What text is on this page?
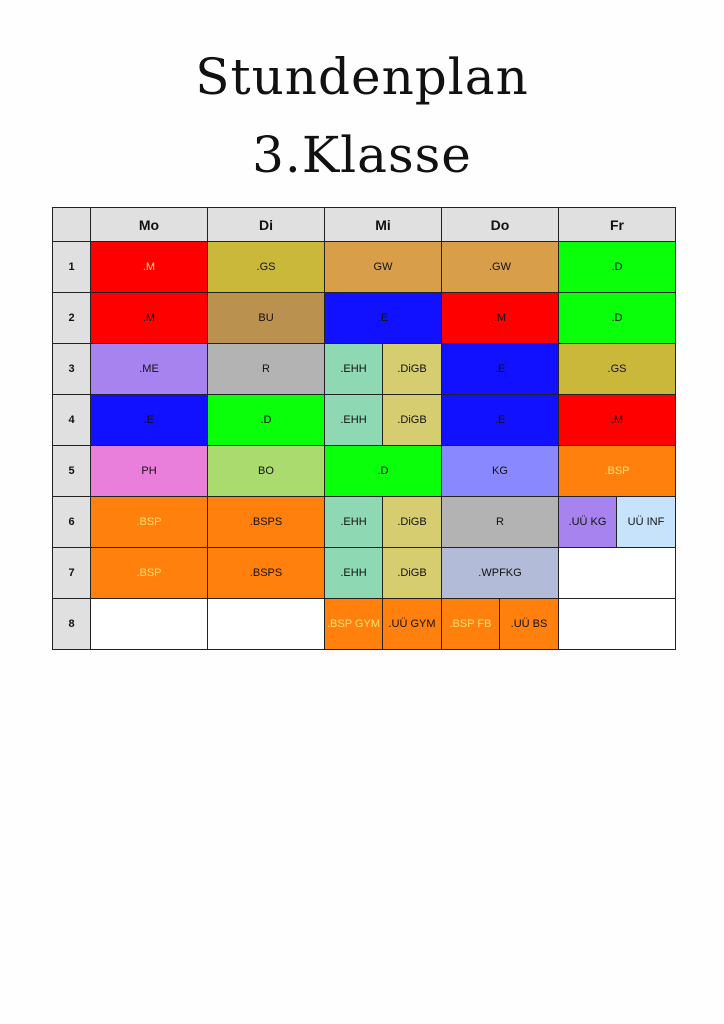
Stundenplan
3.Klasse
	Mo	Di	Mi		Do		Fr	
1	.M	.GS	GW		.GW		.D	
2	.M	BU	.E		.M		.D	
3	.ME	R	.EHH	.DiGB	.E		.GS	
4	.E	.D	.EHH	.DiGB	.E		.M	
5	PH	BO	.D		KG		.BSP	
6	.BSP	.BSPS	.EHH	.DiGB	R		.UÜ KG	UÜ INF
7	.BSP	.BSPS	.EHH	.DiGB	.WPFKG			
8			.BSP GYM	.UÜ GYM	.BSP FB	.UÜ BS		
